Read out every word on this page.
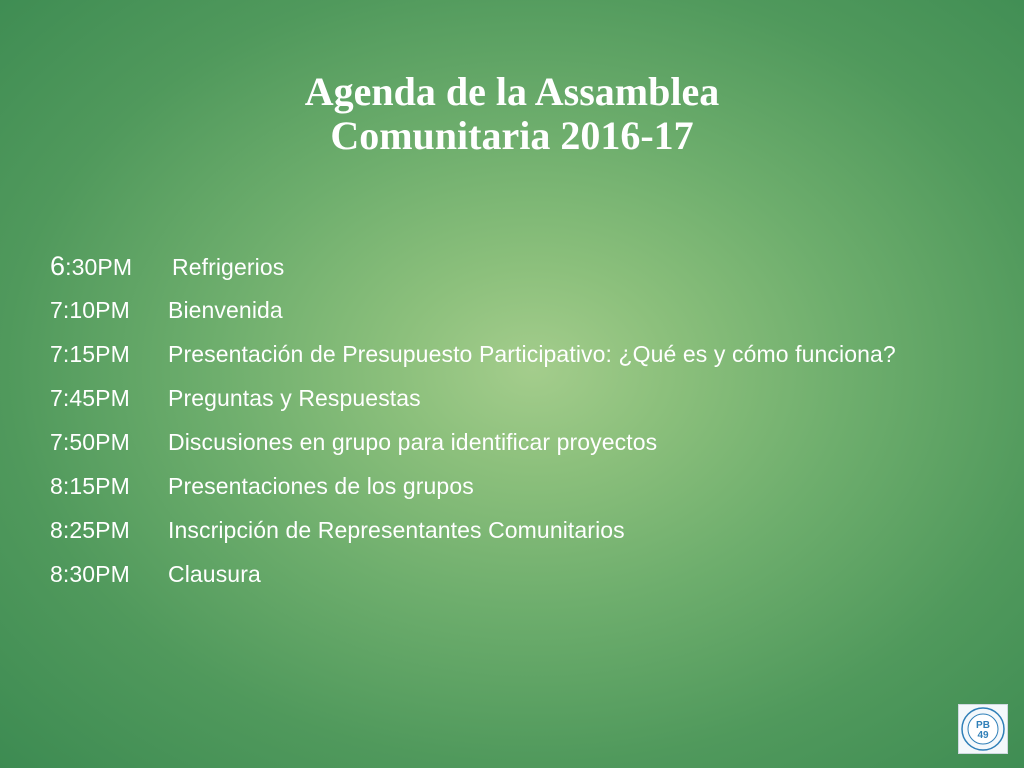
Agenda de la Assamblea
Comunitaria 2016-17
6:30PM Refrigerios
7:10PM Bienvenida
7:15PM Presentación de Presupuesto Participativo: ¿Qué es y cómo funciona?
7:45PM Preguntas y Respuestas
7:50PM Discusiones en grupo para identificar proyectos
8:15PM Presentaciones de los grupos
8:25PM Inscripción de Representantes Comunitarios
8:30PM Clausura
PB
49
